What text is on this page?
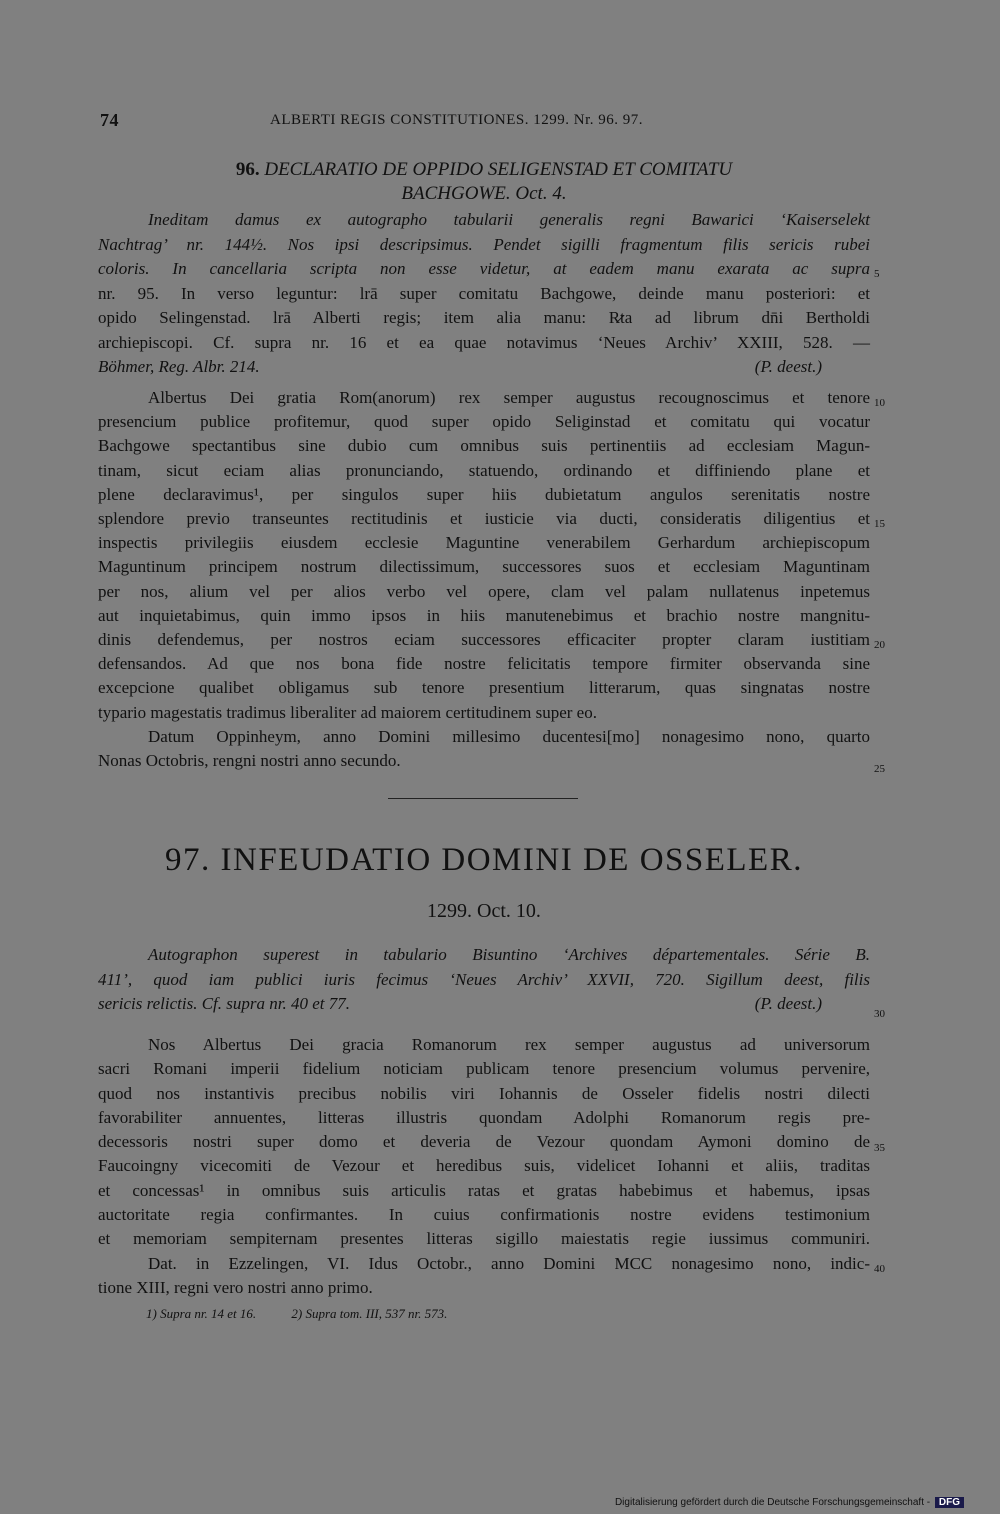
74	ALBERTI REGIS CONSTITUTIONES. 1299. Nr. 96. 97.
96. DECLARATIO DE OPPIDO SELIGENSTAD ET COMITATU
BACHGOWE. Oct. 4.
Ineditam damus ex autographo tabularii generalis regni Bawarici ‘Kaiserselekt
Nachtrag’ nr. 144½. Nos ipsi descripsimus. Pendet sigilli fragmentum filis sericis rubei
coloris. In cancellaria scripta non esse videtur, at eadem manu exarata ac supra
nr. 95. In verso leguntur: lrā super comitatu Bachgowe, deinde manu posteriori: et
opido Selingenstad. lrā Alberti regis; item alia manu: R̷ta ad librum dn̄i Bertholdi
archiepiscopi. Cf. supra nr. 16 et ea quae notavimus ‘Neues Archiv’ XXIII, 528. —
Böhmer, Reg. Albr. 214.	(P. deest.)
Albertus Dei gratia Rom(anorum) rex semper augustus recougnoscimus et tenore
presencium publice profitemur, quod super opido Seliginstad et comitatu qui vocatur
Bachgowe spectantibus sine dubio cum omnibus suis pertinentiis ad ecclesiam Magun-
tinam, sicut eciam alias pronunciando, statuendo, ordinando et diffiniendo plane et
plene declaravimus¹, per singulos super hiis dubietatum angulos serenitatis nostre
splendore previo transeuntes rectitudinis et iusticie via ducti, consideratis diligentius et
inspectis privilegiis eiusdem ecclesie Maguntine venerabilem Gerhardum archiepiscopum
Maguntinum principem nostrum dilectissimum, successores suos et ecclesiam Maguntinam
per nos, alium vel per alios verbo vel opere, clam vel palam nullatenus inpetemus
aut inquietabimus, quin immo ipsos in hiis manutenebimus et brachio nostre mangnitu-
dinis defendemus, per nostros eciam successores efficaciter propter claram iustitiam
defensandos. Ad que nos bona fide nostre felicitatis tempore firmiter observanda sine
excepcione qualibet obligamus sub tenore presentium litterarum, quas singnatas nostre
typario magestatis tradimus liberaliter ad maiorem certitudinem super eo.
Datum Oppinheym, anno Domini millesimo ducentesi[mo] nonagesimo nono, quarto
Nonas Octobris, rengni nostri anno secundo.
97. INFEUDATIO DOMINI DE OSSELER.
1299. Oct. 10.
Autographon superest in tabulario Bisuntino ‘Archives départementales. Série B.
411’, quod iam publici iuris fecimus ‘Neues Archiv’ XXVII, 720. Sigillum deest, filis
sericis relictis. Cf. supra nr. 40 et 77.	(P. deest.)
Nos Albertus Dei gracia Romanorum rex semper augustus ad universorum
sacri Romani imperii fidelium noticiam publicam tenore presencium volumus pervenire,
quod nos instantivis precibus nobilis viri Iohannis de Osseler fidelis nostri dilecti
favorabiliter annuentes, litteras illustris quondam Adolphi Romanorum regis pre-
decessoris nostri super domo et deveria de Vezour quondam Aymoni domino de
Faucoingny vicecomiti de Vezour et heredibus suis, videlicet Iohanni et aliis, traditas
et concessas¹ in omnibus suis articulis ratas et gratas habebimus et habemus, ipsas
auctoritate regia confirmantes. In cuius confirmationis nostre evidens testimonium
et memoriam sempiternam presentes litteras sigillo maiestatis regie iussimus communiri.
Dat. in Ezzelingen, VI. Idus Octobr., anno Domini MCC nonagesimo nono, indic-
tione XIII, regni vero nostri anno primo.
1) Supra nr. 14 et 16.	2) Supra tom. III, 537 nr. 573.
5
10
15
20
25
30
35
40
Digitalisierung gefördert durch die Deutsche Forschungsgemeinschaft - DFG
